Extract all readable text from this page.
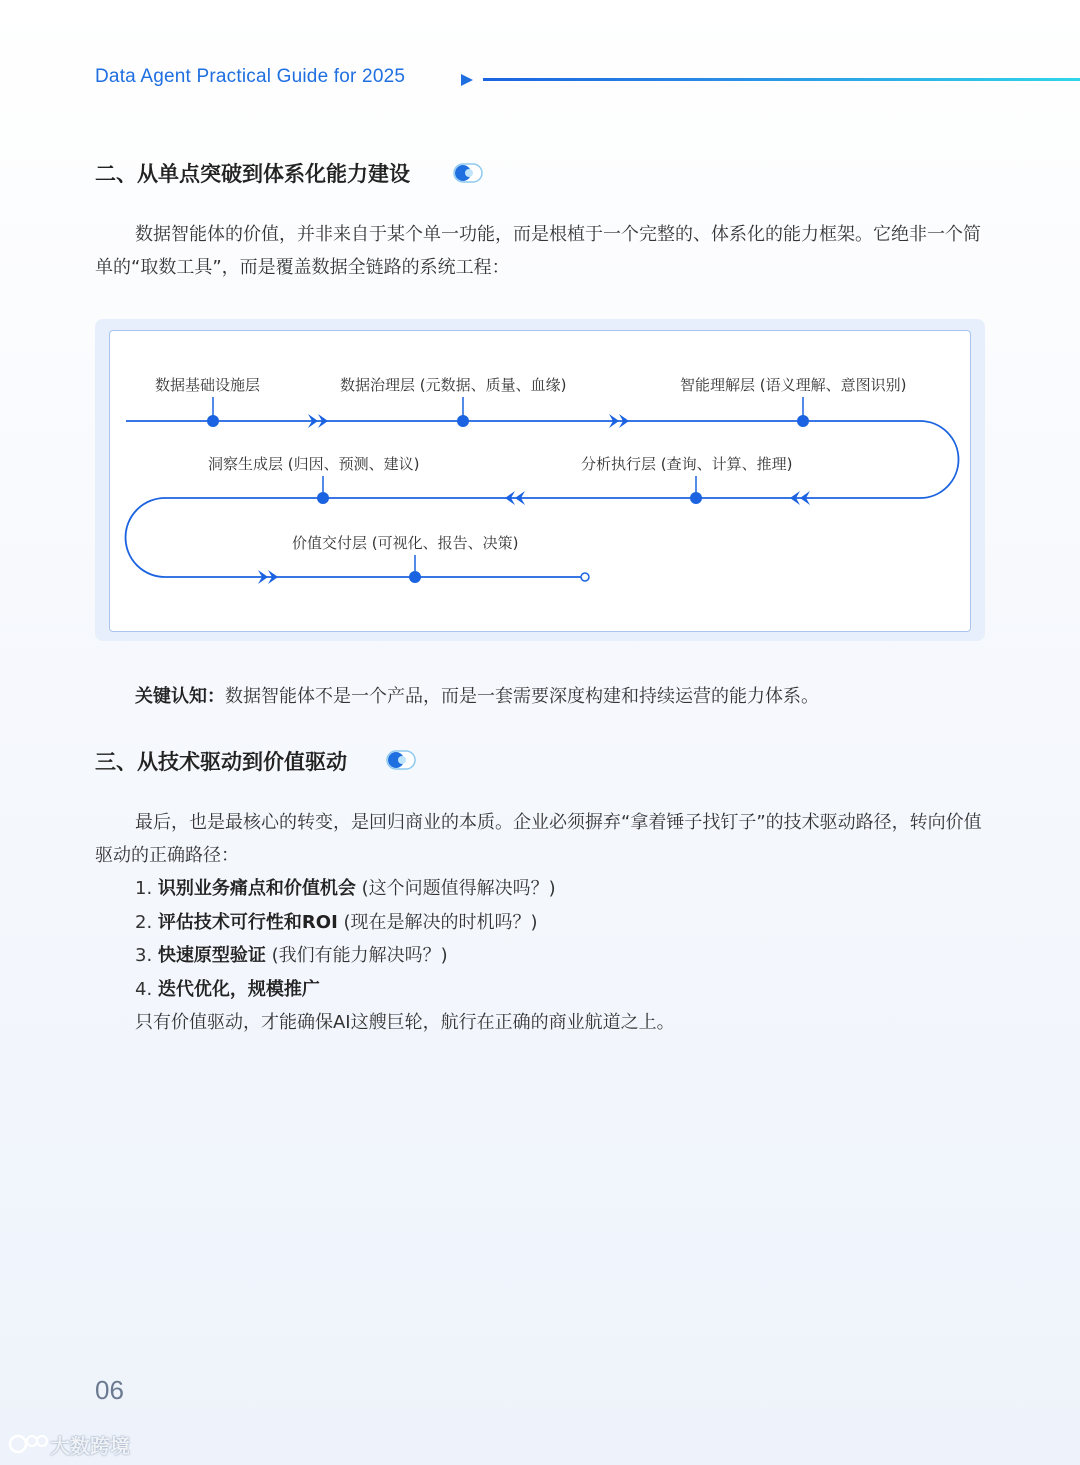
Data Agent Practical Guide for 2025
二、从单点突破到体系化能力建设
数据智能体的价值，并非来自于某个单一功能，而是根植于一个完整的、体系化的能力框架。它绝非一个简单的“取数工具”，而是覆盖数据全链路的系统工程：
数据基础设施层	数据治理层 (元数据、质量、血缘)	智能理解层 (语义理解、意图识别)
分析执行层 (查询、计算、推理)
洞察生成层 (归因、预测、建议)
价值交付层 (可视化、报告、决策)
关键认知：数据智能体不是一个产品，而是一套需要深度构建和持续运营的能力体系。
三、从技术驱动到价值驱动
最后，也是最核心的转变，是回归商业的本质。企业必须摒弃“拿着锤子找钉子”的技术驱动路径，转向价值驱动的正确路径：
1. 识别业务痛点和价值机会 (这个问题值得解决吗？)
2. 评估技术可行性和ROI (现在是解决的时机吗？)
3. 快速原型验证 (我们有能力解决吗？)
4. 迭代优化，规模推广
只有价值驱动，才能确保AI这艘巨轮，航行在正确的商业航道之上。
06
大数跨境
